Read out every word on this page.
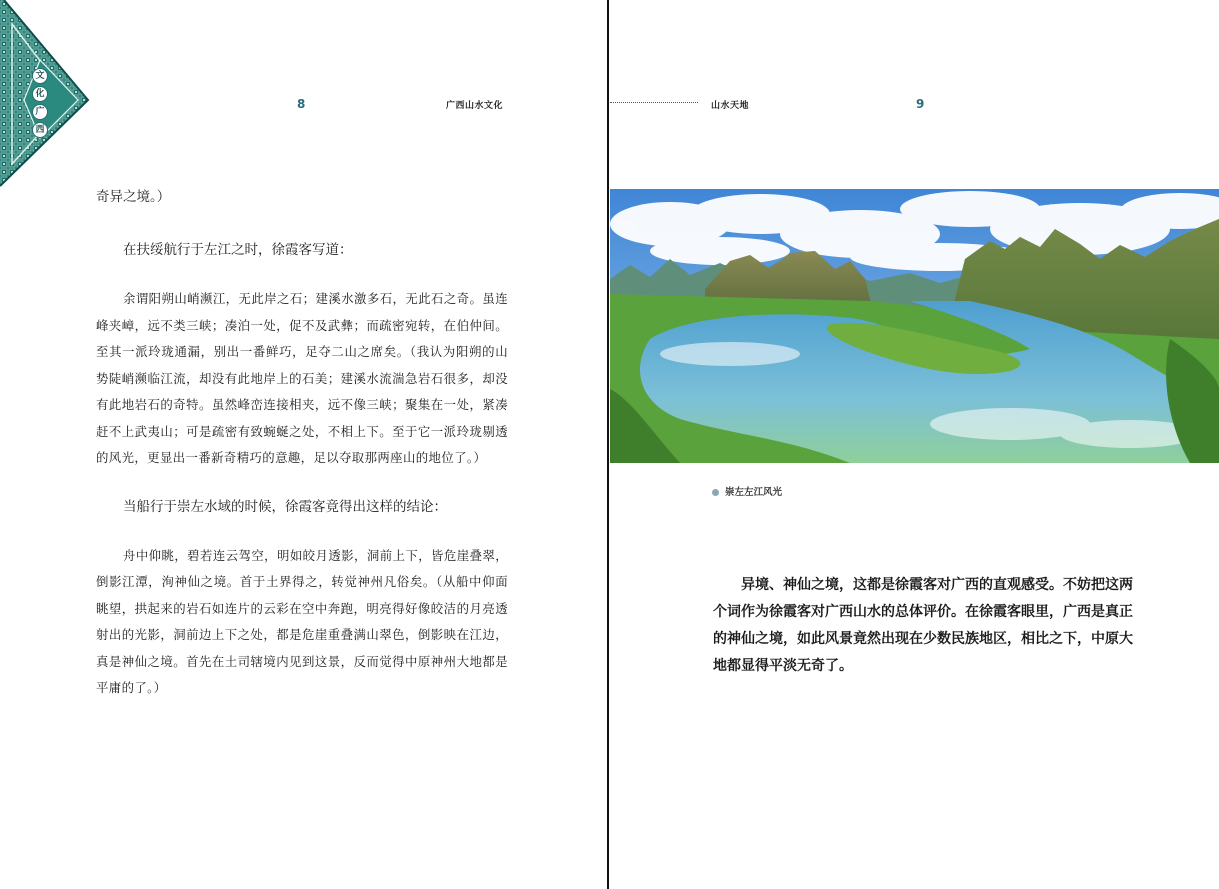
文
化
广
西
8	广西山水文化

奇异之境。）

在扶绥航行于左江之时，徐霞客写道：

余谓阳朔山峭濒江，无此岸之石；建溪水激多石，无此石之奇。虽连峰夹嶂，远不类三峡；凑泊一处，促不及武彝；而疏密宛转，在伯仲间。至其一派玲珑通漏，别出一番鲜巧，足夺二山之席矣。（我认为阳朔的山势陡峭濒临江流，却没有此地岸上的石美；建溪水流湍急岩石很多，却没有此地岩石的奇特。虽然峰峦连接相夹，远不像三峡；聚集在一处，紧凑赶不上武夷山；可是疏密有致蜿蜒之处，不相上下。至于它一派玲珑剔透的风光，更显出一番新奇精巧的意趣，足以夺取那两座山的地位了。）

当船行于崇左水域的时候，徐霞客竟得出这样的结论：

舟中仰眺，碧若连云驾空，明如皎月透影，洞前上下，皆危崖叠翠，倒影江潭，洵神仙之境。首于土界得之，转觉神州凡俗矣。（从船中仰面眺望，拱起来的岩石如连片的云彩在空中奔跑，明亮得好像皎洁的月亮透射出的光影，洞前边上下之处，都是危崖重叠满山翠色，倒影映在江边，真是神仙之境。首先在土司辖境内见到这景，反而觉得中原神州大地都是平庸的了。）

山水天地	9
崇左左江风光

异境、神仙之境，这都是徐霞客对广西的直观感受。不妨把这两个词作为徐霞客对广西山水的总体评价。在徐霞客眼里，广西是真正的神仙之境，如此风景竟然出现在少数民族地区，相比之下，中原大地都显得平淡无奇了。
